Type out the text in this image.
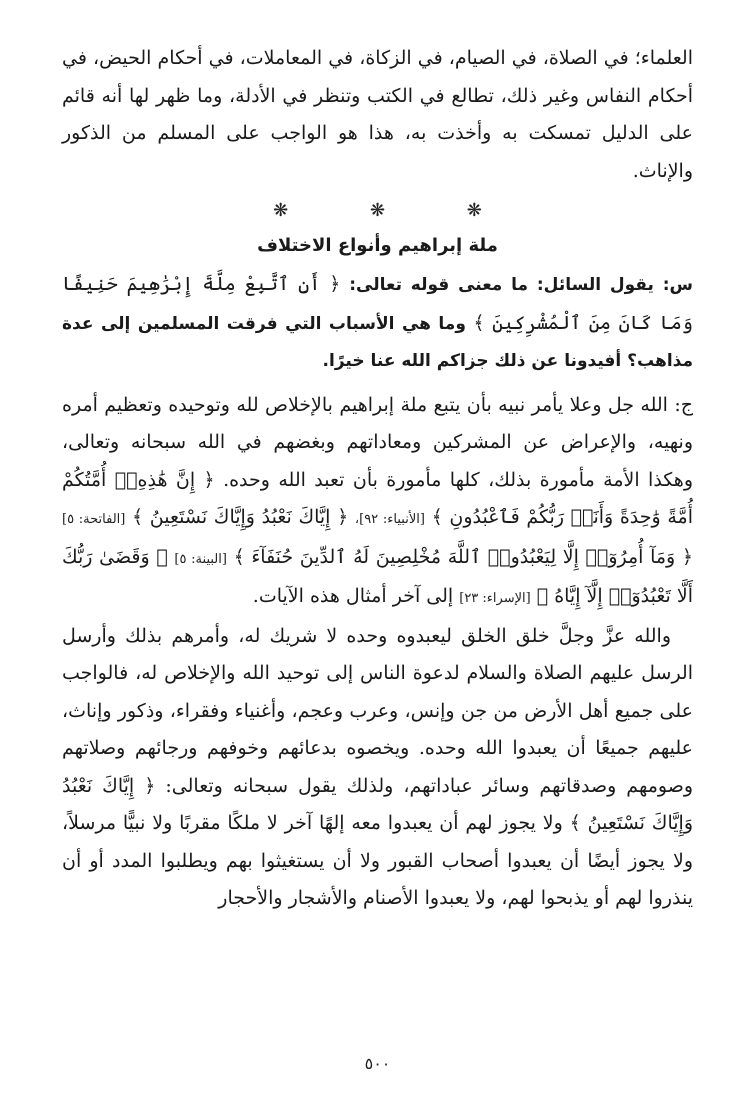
العلماء؛ في الصلاة، في الصيام، في الزكاة، في المعاملات، في أحكام الحيض، في أحكام النفاس وغير ذلك، تطالع في الكتب وتنظر في الأدلة، وما ظهر لها أنه قائم على الدليل تمسكت به وأخذت به، هذا هو الواجب على المسلم من الذكور والإناث.

❋ ❋ ❋
ملة إبراهيم وأنواع الاختلاف

س: يقول السائل: ما معنى قوله تعالى: ﴿ أَنِ ٱتَّبِعْ مِلَّةَ إِبْرَٰهِيمَ حَنِيفًا وَمَا كَانَ مِنَ ٱلْمُشْرِكِينَ ﴾ وما هي الأسباب التي فرقت المسلمين إلى عدة مذاهب؟ أفيدونا عن ذلك جزاكم الله عنا خيرًا.

ج: الله جل وعلا يأمر نبيه بأن يتبع ملة إبراهيم بالإخلاص لله وتوحيده وتعظيم أمره ونهيه، والإعراض عن المشركين ومعاداتهم وبغضهم في الله سبحانه وتعالى، وهكذا الأمة مأمورة بذلك، كلها مأمورة بأن تعبد الله وحده. ﴿ إِنَّ هَٰذِهِۦٓ أُمَّتُكُمْ أُمَّةً وَٰحِدَةً وَأَنَا۠ رَبُّكُمْ فَٱعْبُدُونِ ﴾ [الأنبياء: ٩٢]، ﴿ إِيَّاكَ نَعْبُدُ وَإِيَّاكَ نَسْتَعِينُ ﴾ [الفاتحة: ٥] ﴿ وَمَآ أُمِرُوٓا۟ إِلَّا لِيَعْبُدُوا۟ ٱللَّهَ مُخْلِصِينَ لَهُ ٱلدِّينَ حُنَفَآءَ ﴾ [البينة: ٥] ﴿ وَقَضَىٰ رَبُّكَ أَلَّا تَعْبُدُوٓا۟ إِلَّآ إِيَّاهُ ﴾ [الإسراء: ٢٣] إلى آخر أمثال هذه الآيات.

والله عزَّ وجلَّ خلق الخلق ليعبدوه وحده لا شريك له، وأمرهم بذلك وأرسل الرسل عليهم الصلاة والسلام لدعوة الناس إلى توحيد الله والإخلاص له، فالواجب على جميع أهل الأرض من جن وإنس، وعرب وعجم، وأغنياء وفقراء، وذكور وإناث، عليهم جميعًا أن يعبدوا الله وحده. ويخصوه بدعائهم وخوفهم ورجائهم وصلاتهم وصومهم وصدقاتهم وسائر عباداتهم، ولذلك يقول سبحانه وتعالى: ﴿ إِيَّاكَ نَعْبُدُ وَإِيَّاكَ نَسْتَعِينُ ﴾ ولا يجوز لهم أن يعبدوا معه إلهًا آخر لا ملكًا مقربًا ولا نبيًّا مرسلاً، ولا يجوز أيضًا أن يعبدوا أصحاب القبور ولا أن يستغيثوا بهم ويطلبوا المدد أو أن ينذروا لهم أو يذبحوا لهم، ولا يعبدوا الأصنام والأشجار والأحجار

٥٠٠
